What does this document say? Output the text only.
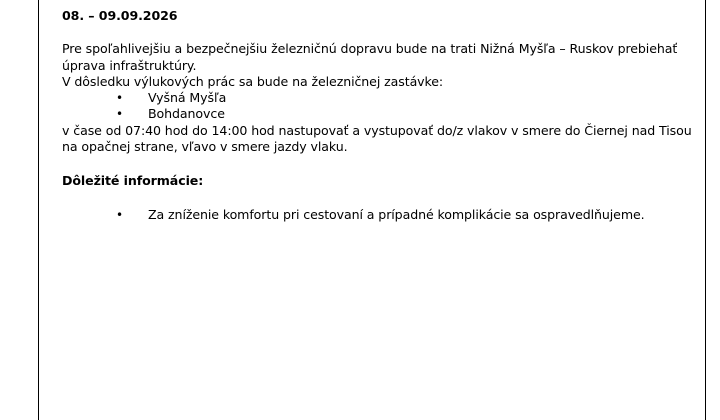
08. – 09.09.2026

Pre spoľahlivejšiu a bezpečnejšiu železničnú dopravu bude na trati Nižná Myšľa – Ruskov prebiehať

úprava infraštruktúry.

V dôsledku výlukových prác sa bude na železničnej zastávke:

• Vyšná Myšľa
• Bohdanovce

v čase od 07:40 hod do 14:00 hod nastupovať a vystupovať do/z vlakov v smere do Čiernej nad Tisou

na opačnej strane, vľavo v smere jazdy vlaku.

Dôležité informácie:

• Za zníženie komfortu pri cestovaní a prípadné komplikácie sa ospravedlňujeme.
